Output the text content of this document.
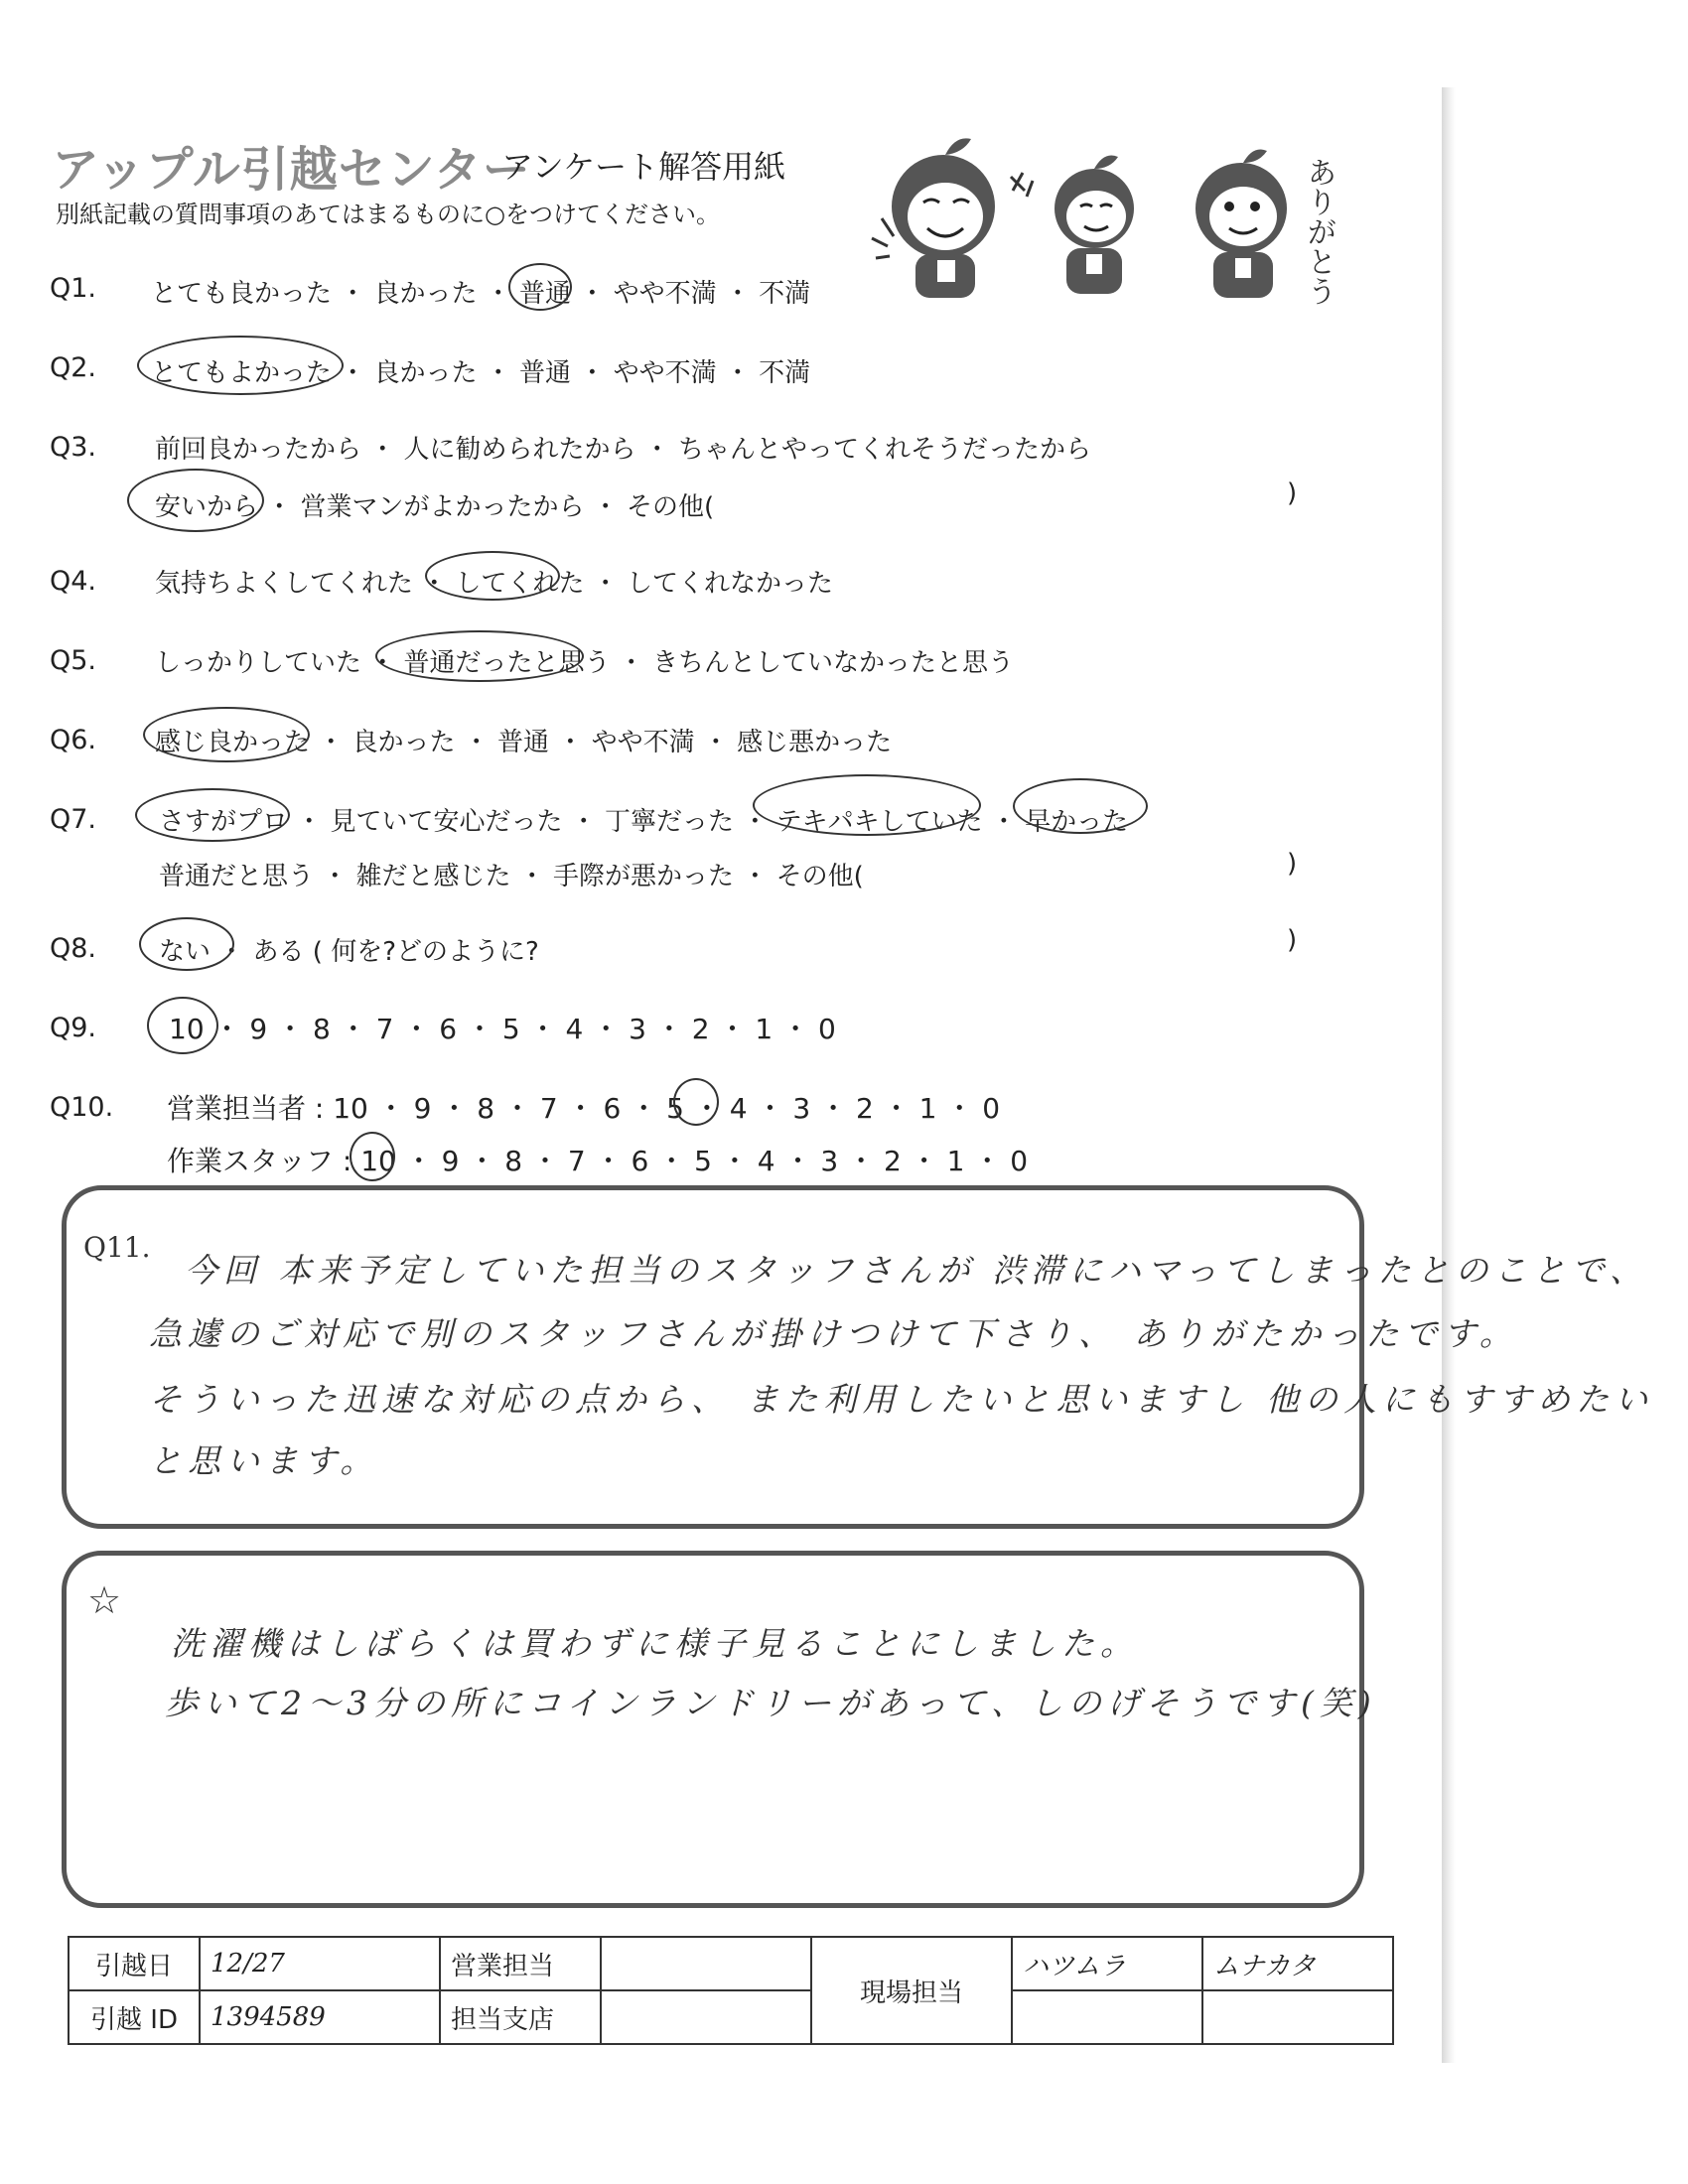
アップル引越センター
アンケート解答用紙
別紙記載の質問事項のあてはまるものに○をつけてください。	ありがとう
Q1. とても良かった ・ 良かった ・ 普通 ・ やや不満 ・ 不満
Q2. とてもよかった ・ 良かった ・ 普通 ・ やや不満 ・ 不満
Q3. 前回良かったから ・ 人に勧められたから ・ ちゃんとやってくれそうだったから
安いから ・ 営業マンがよかったから ・ その他(	)
Q4. 気持ちよくしてくれた ・ してくれた ・ してくれなかった
Q5. しっかりしていた ・ 普通だったと思う ・ きちんとしていなかったと思う
Q6. 感じ良かった ・ 良かった ・ 普通 ・ やや不満 ・ 感じ悪かった
Q7. さすがプロ ・ 見ていて安心だった ・ 丁寧だった ・ テキパキしていた ・ 早かった
普通だと思う ・ 雑だと感じた ・ 手際が悪かった ・ その他(	)
Q8. ない ・ ある ( 何を?どのように?	)
Q9.	10 ・ 9 ・ 8 ・ 7 ・ 6 ・ 5 ・ 4 ・ 3 ・ 2 ・ 1 ・ 0
Q10. 営業担当者 : 10 ・ 9 ・ 8 ・ 7 ・ 6 ・ 5 ・ 4 ・ 3 ・ 2 ・ 1 ・ 0
作業スタッフ : 10 ・ 9 ・ 8 ・ 7 ・ 6 ・ 5 ・ 4 ・ 3 ・ 2 ・ 1 ・ 0
Q11.
今回 本来予定していた担当のスタッフさんが 渋滞にハマってしまったとのことで、
急遽のご対応で別のスタッフさんが掛けつけて下さり、 ありがたかったです。
そういった迅速な対応の点から、 また利用したいと思いますし 他の人にもすすめたい
と思います。
☆
洗濯機はしばらくは買わずに様子見ることにしました。
歩いて2〜3分の所にコインランドリーがあって、しのげそうです(笑)
引越日	12/27	営業担当		現場担当	ハツムラ	ムナカタ
引越 ID	1394589	担当支店				
